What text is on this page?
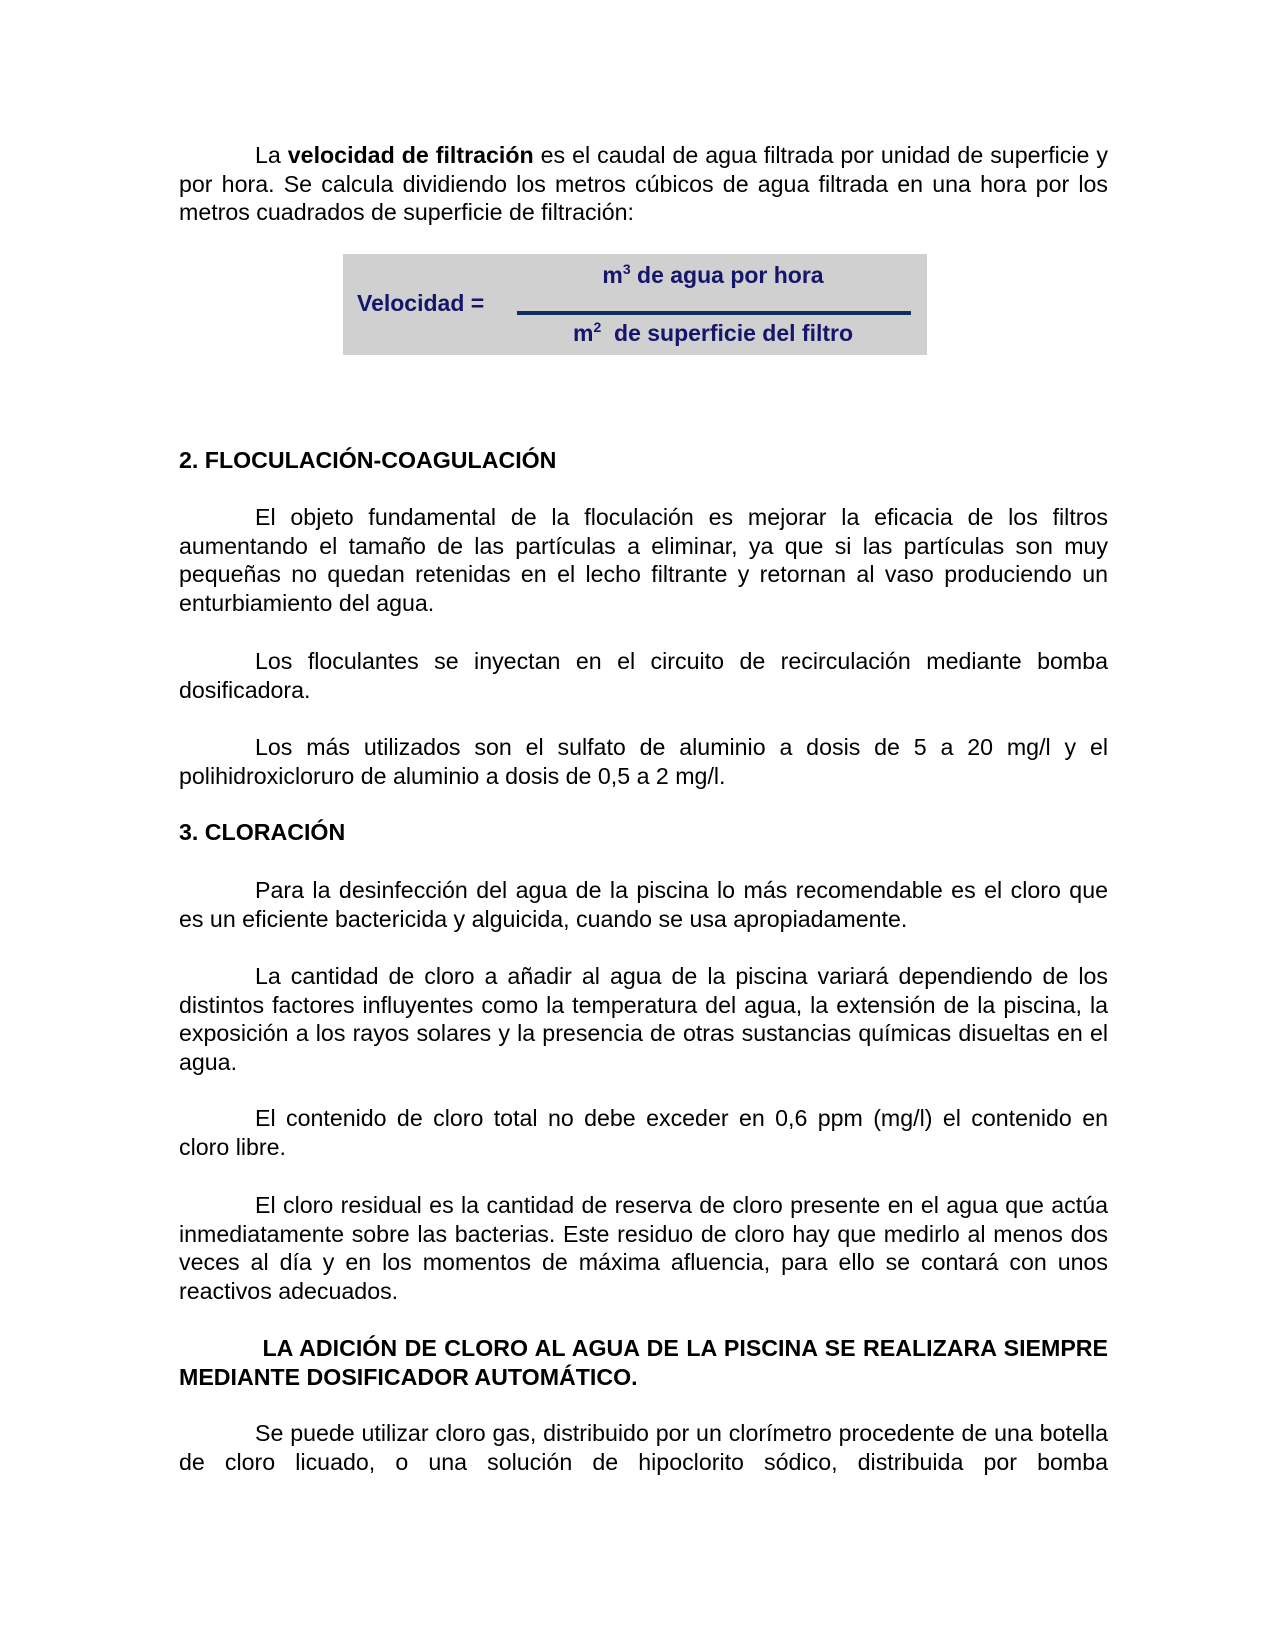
La velocidad de filtración es el caudal de agua filtrada por unidad de superficie y por hora. Se calcula dividiendo los metros cúbicos de agua filtrada en una hora por los metros cuadrados de superficie de filtración:

2. FLOCULACIÓN-COAGULACIÓN

El objeto fundamental de la floculación es mejorar la eficacia de los filtros aumentando el tamaño de las partículas a eliminar, ya que si las partículas son muy pequeñas no quedan retenidas en el lecho filtrante y retornan al vaso produciendo un enturbiamiento del agua.

Los floculantes se inyectan en el circuito de recirculación mediante bomba dosificadora.

Los más utilizados son el sulfato de aluminio a dosis de 5 a 20 mg/l y el polihidroxicloruro de aluminio a dosis de 0,5 a 2 mg/l.

3. CLORACIÓN

Para la desinfección del agua de la piscina lo más recomendable es el cloro que es un eficiente bactericida y alguicida, cuando se usa apropiadamente.

La cantidad de cloro a añadir al agua de la piscina variará dependiendo de los distintos factores influyentes como la temperatura del agua, la extensión de la piscina, la exposición a los rayos solares y la presencia de otras sustancias químicas disueltas en el agua.

El contenido de cloro total no debe exceder en 0,6 ppm (mg/l) el contenido en cloro libre.

El cloro residual es la cantidad de reserva de cloro presente en el agua que actúa inmediatamente sobre las bacterias. Este residuo de cloro hay que medirlo al menos dos veces al día y en los momentos de máxima afluencia, para ello se contará con unos reactivos adecuados.

LA ADICIÓN DE CLORO AL AGUA DE LA PISCINA SE REALIZARA SIEMPRE MEDIANTE DOSIFICADOR AUTOMÁTICO.

Se puede utilizar cloro gas, distribuido por un clorímetro procedente de una botella de cloro licuado, o una solución de hipoclorito sódico, distribuida por bomba

Velocidad =
$m^3$ de agua por hora
$m^2$  de superficie del filtro
